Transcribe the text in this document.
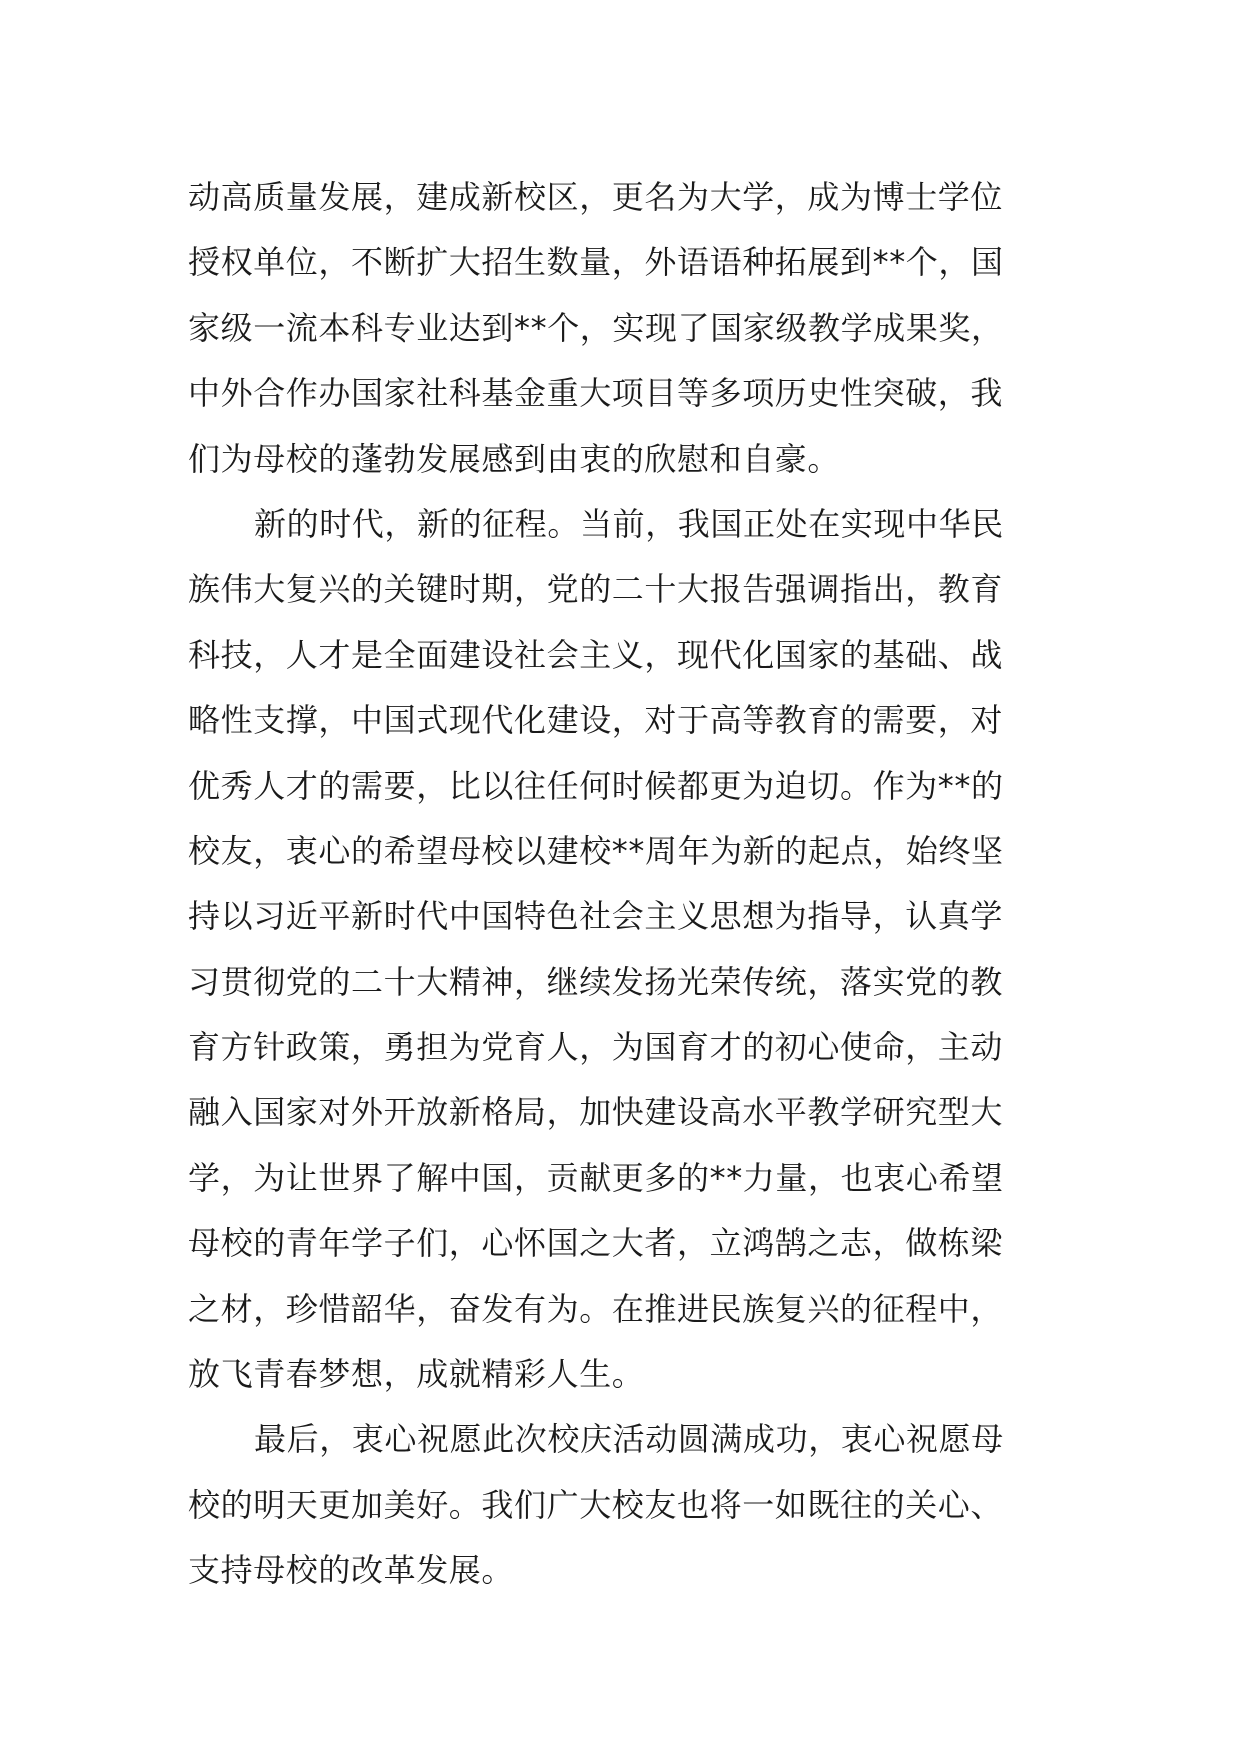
动高质量发展，建成新校区，更名为大学，成为博士学位
授权单位，不断扩大招生数量，外语语种拓展到**个，国
家级一流本科专业达到**个，实现了国家级教学成果奖，
中外合作办国家社科基金重大项目等多项历史性突破，我
们为母校的蓬勃发展感到由衷的欣慰和自豪。
新的时代，新的征程。当前，我国正处在实现中华民
族伟大复兴的关键时期，党的二十大报告强调指出，教育
科技，人才是全面建设社会主义，现代化国家的基础、战
略性支撑，中国式现代化建设，对于高等教育的需要，对
优秀人才的需要，比以往任何时候都更为迫切。作为**的
校友，衷心的希望母校以建校**周年为新的起点，始终坚
持以习近平新时代中国特色社会主义思想为指导，认真学
习贯彻党的二十大精神，继续发扬光荣传统，落实党的教
育方针政策，勇担为党育人，为国育才的初心使命，主动
融入国家对外开放新格局，加快建设高水平教学研究型大
学，为让世界了解中国，贡献更多的**力量，也衷心希望
母校的青年学子们，心怀国之大者，立鸿鹄之志，做栋梁
之材，珍惜韶华，奋发有为。在推进民族复兴的征程中，
放飞青春梦想，成就精彩人生。
最后，衷心祝愿此次校庆活动圆满成功，衷心祝愿母
校的明天更加美好。我们广大校友也将一如既往的关心、
支持母校的改革发展。
